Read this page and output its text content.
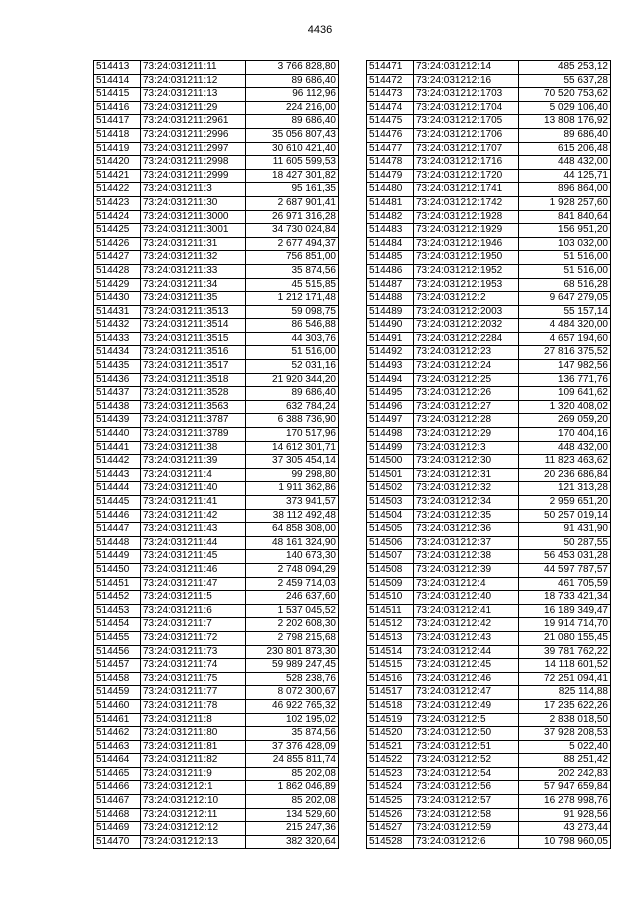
4436
514413	73:24:031211:11	3 766 828,80
514414	73:24:031211:12	89 686,40
514415	73:24:031211:13	96 112,96
514416	73:24:031211:29	224 216,00
514417	73:24:031211:2961	89 686,40
514418	73:24:031211:2996	35 056 807,43
514419	73:24:031211:2997	30 610 421,40
514420	73:24:031211:2998	11 605 599,53
514421	73:24:031211:2999	18 427 301,82
514422	73:24:031211:3	95 161,35
514423	73:24:031211:30	2 687 901,41
514424	73:24:031211:3000	26 971 316,28
514425	73:24:031211:3001	34 730 024,84
514426	73:24:031211:31	2 677 494,37
514427	73:24:031211:32	756 851,00
514428	73:24:031211:33	35 874,56
514429	73:24:031211:34	45 515,85
514430	73:24:031211:35	1 212 171,48
514431	73:24:031211:3513	59 098,75
514432	73:24:031211:3514	86 546,88
514433	73:24:031211:3515	44 303,76
514434	73:24:031211:3516	51 516,00
514435	73:24:031211:3517	52 031,16
514436	73:24:031211:3518	21 920 344,20
514437	73:24:031211:3528	89 686,40
514438	73:24:031211:3563	632 784,24
514439	73:24:031211:3787	6 388 736,90
514440	73:24:031211:3789	170 517,96
514441	73:24:031211:38	14 612 301,71
514442	73:24:031211:39	37 305 454,14
514443	73:24:031211:4	99 298,80
514444	73:24:031211:40	1 911 362,86
514445	73:24:031211:41	373 941,57
514446	73:24:031211:42	38 112 492,48
514447	73:24:031211:43	64 858 308,00
514448	73:24:031211:44	48 161 324,90
514449	73:24:031211:45	140 673,30
514450	73:24:031211:46	2 748 094,29
514451	73:24:031211:47	2 459 714,03
514452	73:24:031211:5	246 637,60
514453	73:24:031211:6	1 537 045,52
514454	73:24:031211:7	2 202 608,30
514455	73:24:031211:72	2 798 215,68
514456	73:24:031211:73	230 801 873,30
514457	73:24:031211:74	59 989 247,45
514458	73:24:031211:75	528 238,76
514459	73:24:031211:77	8 072 300,67
514460	73:24:031211:78	46 922 765,32
514461	73:24:031211:8	102 195,02
514462	73:24:031211:80	35 874,56
514463	73:24:031211:81	37 376 428,09
514464	73:24:031211:82	24 855 811,74
514465	73:24:031211:9	85 202,08
514466	73:24:031212:1	1 862 046,89
514467	73:24:031212:10	85 202,08
514468	73:24:031212:11	134 529,60
514469	73:24:031212:12	215 247,36
514470	73:24:031212:13	382 320,64
514471	73:24:031212:14	485 253,12
514472	73:24:031212:16	55 637,28
514473	73:24:031212:1703	70 520 753,62
514474	73:24:031212:1704	5 029 106,40
514475	73:24:031212:1705	13 808 176,92
514476	73:24:031212:1706	89 686,40
514477	73:24:031212:1707	615 206,48
514478	73:24:031212:1716	448 432,00
514479	73:24:031212:1720	44 125,71
514480	73:24:031212:1741	896 864,00
514481	73:24:031212:1742	1 928 257,60
514482	73:24:031212:1928	841 840,64
514483	73:24:031212:1929	156 951,20
514484	73:24:031212:1946	103 032,00
514485	73:24:031212:1950	51 516,00
514486	73:24:031212:1952	51 516,00
514487	73:24:031212:1953	68 516,28
514488	73:24:031212:2	9 647 279,05
514489	73:24:031212:2003	55 157,14
514490	73:24:031212:2032	4 484 320,00
514491	73:24:031212:2284	4 657 194,60
514492	73:24:031212:23	27 816 375,52
514493	73:24:031212:24	147 982,56
514494	73:24:031212:25	136 771,76
514495	73:24:031212:26	109 641,62
514496	73:24:031212:27	1 320 408,02
514497	73:24:031212:28	269 059,20
514498	73:24:031212:29	170 404,16
514499	73:24:031212:3	448 432,00
514500	73:24:031212:30	11 823 463,62
514501	73:24:031212:31	20 236 686,84
514502	73:24:031212:32	121 313,28
514503	73:24:031212:34	2 959 651,20
514504	73:24:031212:35	50 257 019,14
514505	73:24:031212:36	91 431,90
514506	73:24:031212:37	50 287,55
514507	73:24:031212:38	56 453 031,28
514508	73:24:031212:39	44 597 787,57
514509	73:24:031212:4	461 705,59
514510	73:24:031212:40	18 733 421,34
514511	73:24:031212:41	16 189 349,47
514512	73:24:031212:42	19 914 714,70
514513	73:24:031212:43	21 080 155,45
514514	73:24:031212:44	39 781 762,22
514515	73:24:031212:45	14 118 601,52
514516	73:24:031212:46	72 251 094,41
514517	73:24:031212:47	825 114,88
514518	73:24:031212:49	17 235 622,26
514519	73:24:031212:5	2 838 018,50
514520	73:24:031212:50	37 928 208,53
514521	73:24:031212:51	5 022,40
514522	73:24:031212:52	88 251,42
514523	73:24:031212:54	202 242,83
514524	73:24:031212:56	57 947 659,84
514525	73:24:031212:57	16 278 998,76
514526	73:24:031212:58	91 928,56
514527	73:24:031212:59	43 273,44
514528	73:24:031212:6	10 798 960,05
